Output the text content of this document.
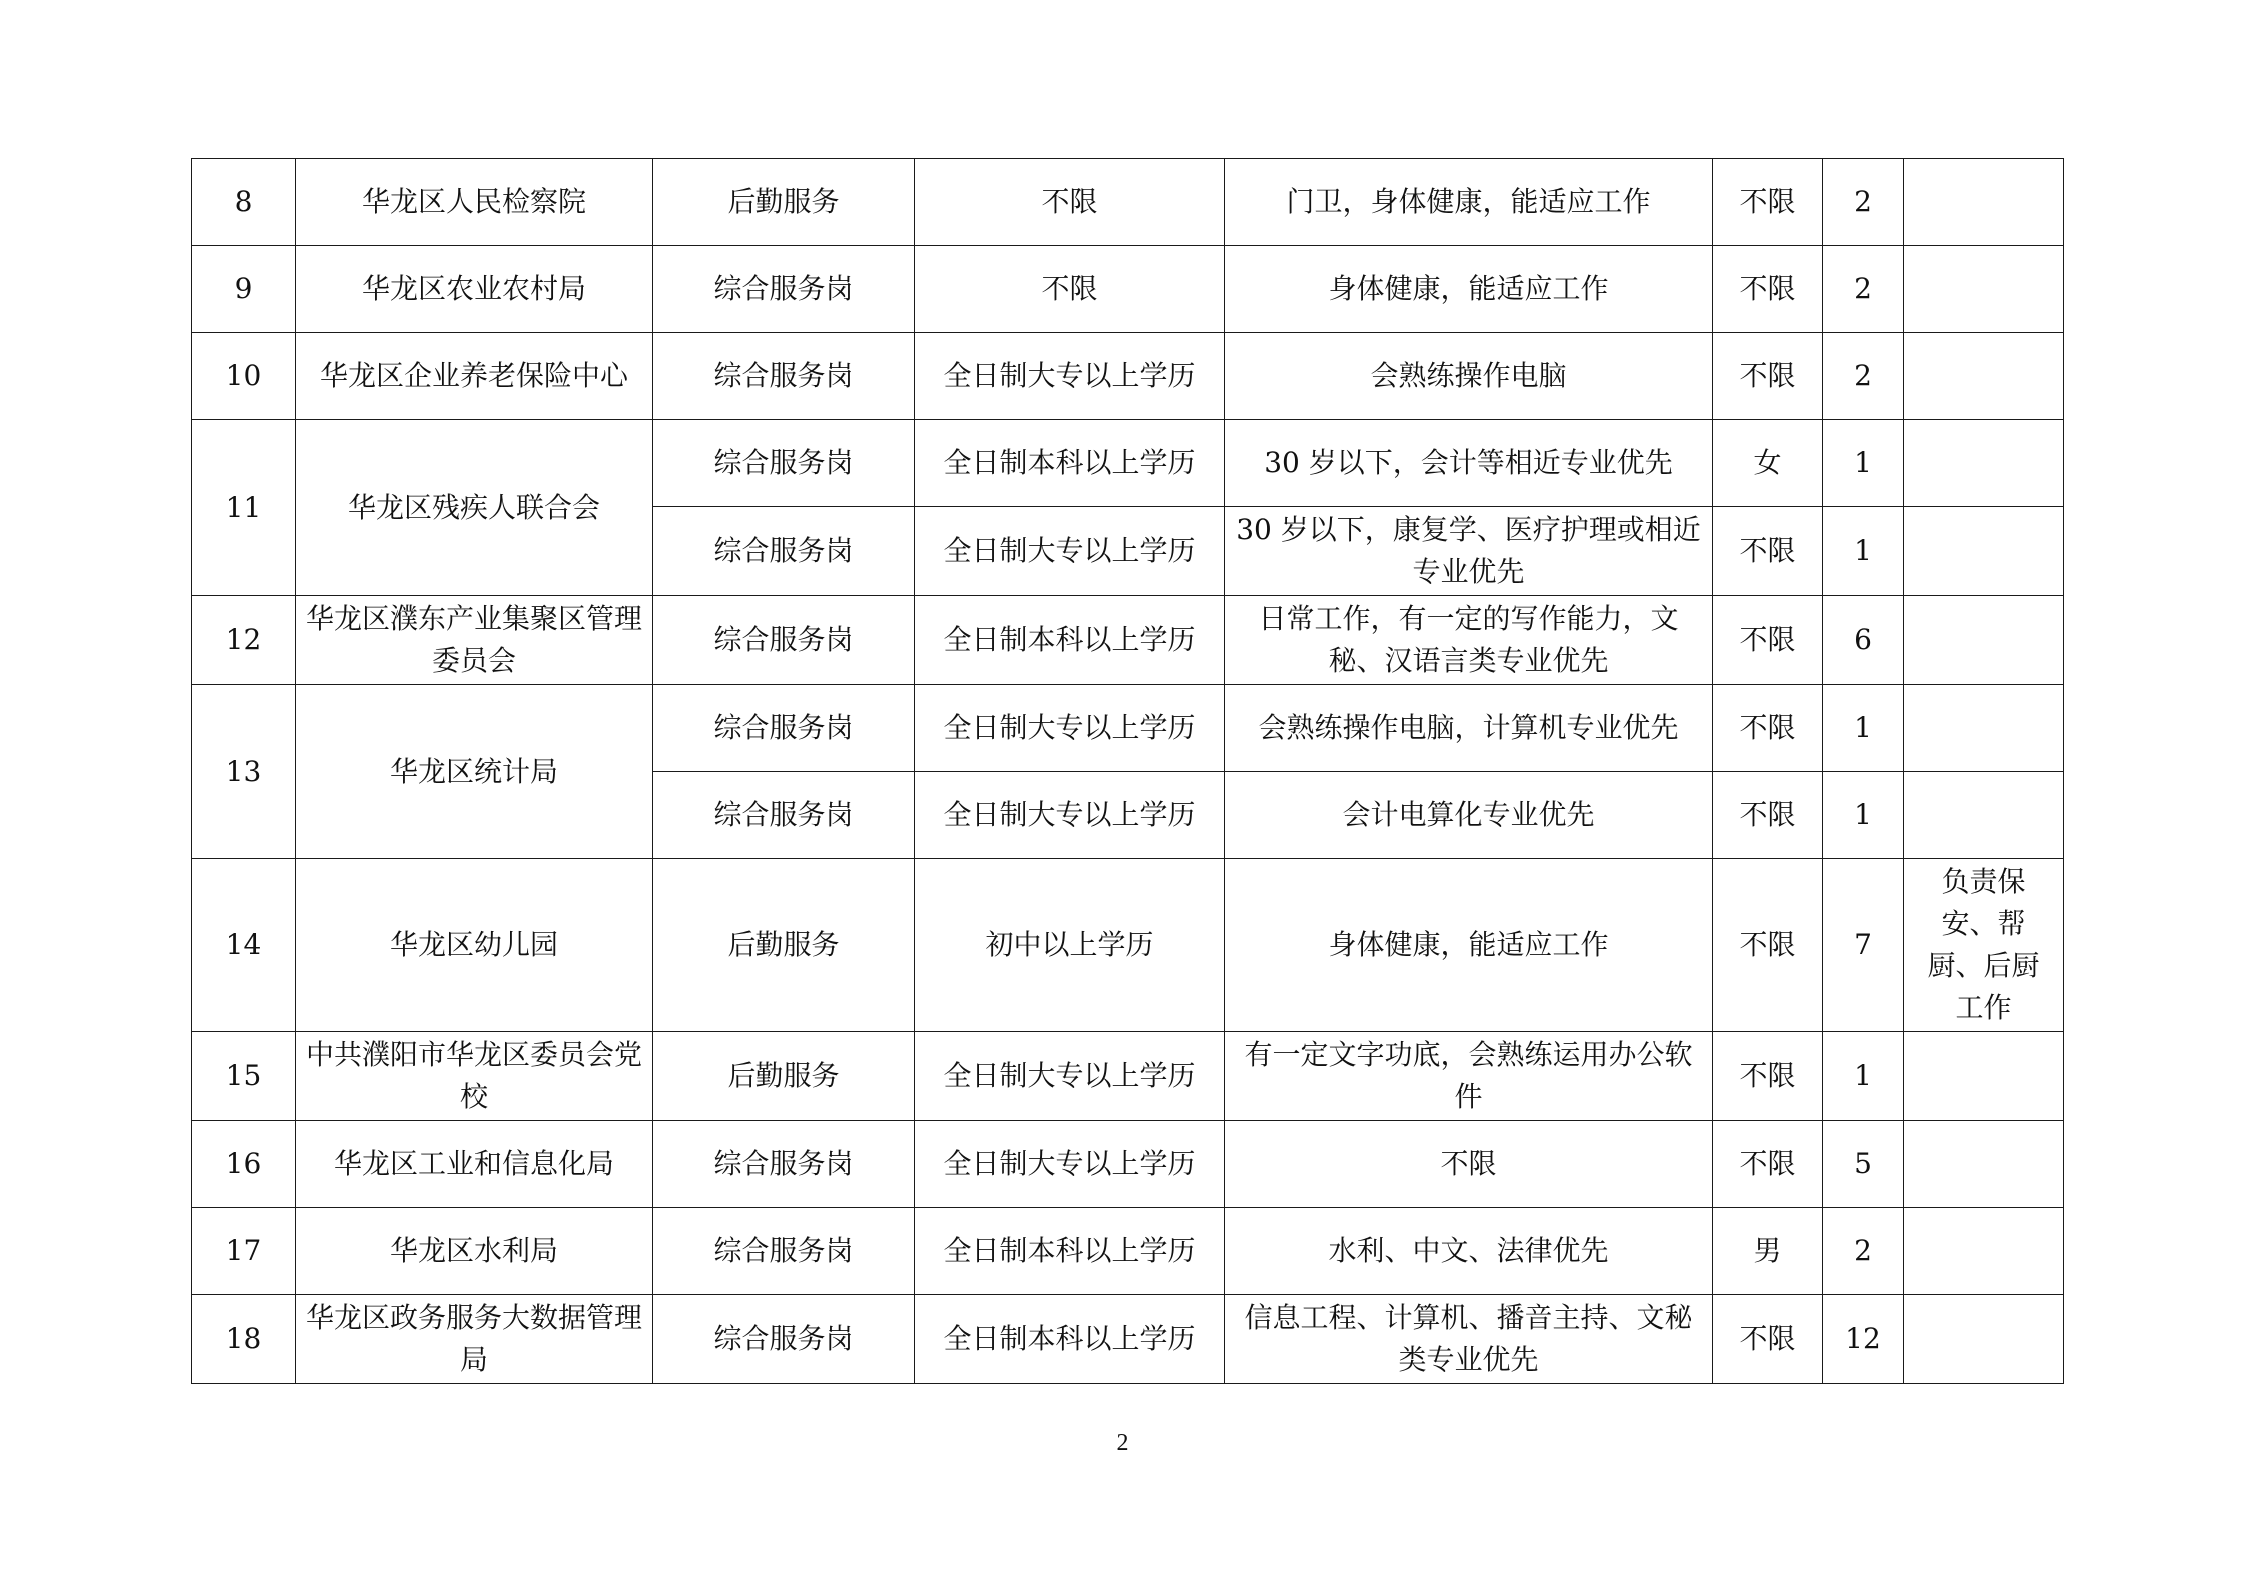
8	华龙区人民检察院	后勤服务	不限	门卫，身体健康，能适应工作	不限	2	
9	华龙区农业农村局	综合服务岗	不限	身体健康，能适应工作	不限	2	
10	华龙区企业养老保险中心	综合服务岗	全日制大专以上学历	会熟练操作电脑	不限	2	
11	华龙区残疾人联合会	综合服务岗	全日制本科以上学历	30 岁以下，会计等相近专业优先	女	1	
		综合服务岗	全日制大专以上学历	30 岁以下，康复学、医疗护理或相近专业优先	不限	1	
12	华龙区濮东产业集聚区管理委员会	综合服务岗	全日制本科以上学历	日常工作，有一定的写作能力，文秘、汉语言类专业优先	不限	6	
13	华龙区统计局	综合服务岗	全日制大专以上学历	会熟练操作电脑，计算机专业优先	不限	1	
		综合服务岗	全日制大专以上学历	会计电算化专业优先	不限	1	
14	华龙区幼儿园	后勤服务	初中以上学历	身体健康，能适应工作	不限	7	负责保安、帮厨、后厨工作
15	中共濮阳市华龙区委员会党校	后勤服务	全日制大专以上学历	有一定文字功底，会熟练运用办公软件	不限	1	
16	华龙区工业和信息化局	综合服务岗	全日制大专以上学历	不限	不限	5	
17	华龙区水利局	综合服务岗	全日制本科以上学历	水利、中文、法律优先	男	2	
18	华龙区政务服务大数据管理局	综合服务岗	全日制本科以上学历	信息工程、计算机、播音主持、文秘类专业优先	不限	12	
2
